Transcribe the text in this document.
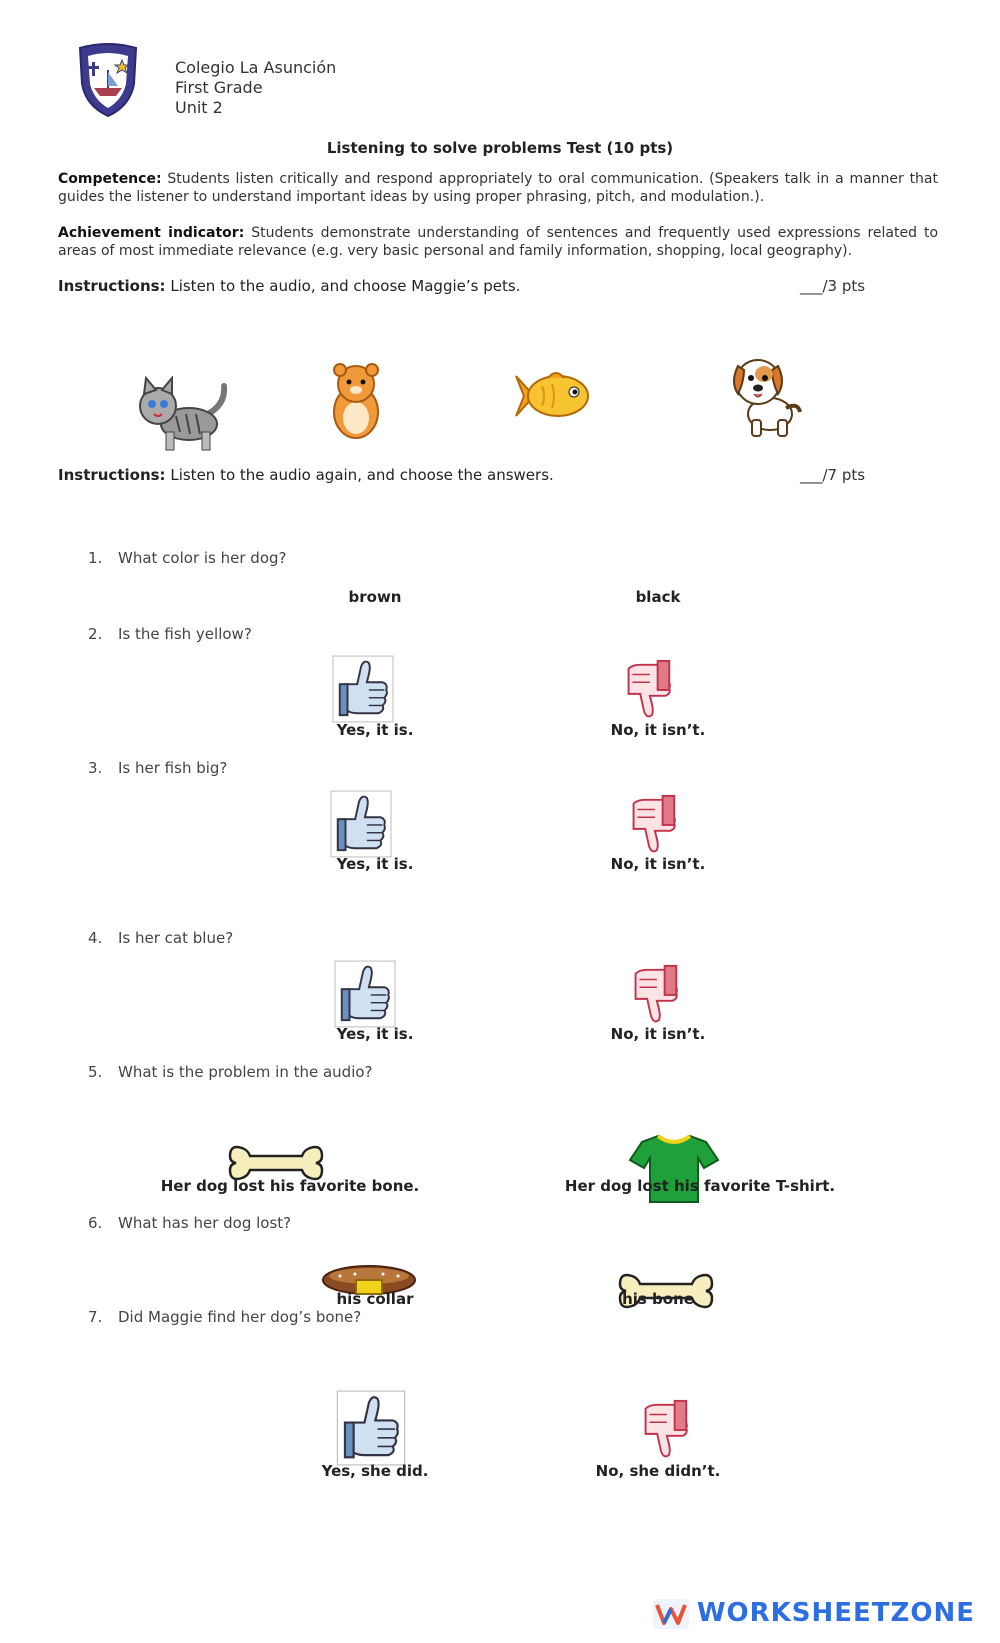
Colegio La Asunción
First Grade
Unit 2
Listening to solve problems Test (10 pts)
Competence: Students listen critically and respond appropriately to oral communication. (Speakers talk in a manner that guides the listener to understand important ideas by using proper phrasing, pitch, and modulation.).
Achievement indicator: Students demonstrate understanding of sentences and frequently used expressions related to areas of most immediate relevance (e.g. very basic personal and family information, shopping, local geography).
Instructions: Listen to the audio, and choose Maggie’s pets.	___/3 pts
Instructions: Listen to the audio again, and choose the answers.	___/7 pts
1. What color is her dog?
brown	black
2. Is the fish yellow?
Yes, it is.	No, it isn’t.
3. Is her fish big?
Yes, it is.	No, it isn’t.
4. Is her cat blue?
Yes, it is.	No, it isn’t.
5. What is the problem in the audio?
Her dog lost his favorite bone.	Her dog lost his favorite T-shirt.
6. What has her dog lost?
his collar	his bone
7. Did Maggie find her dog’s bone?
Yes, she did.	No, she didn’t.
WORKSHEETZONE
